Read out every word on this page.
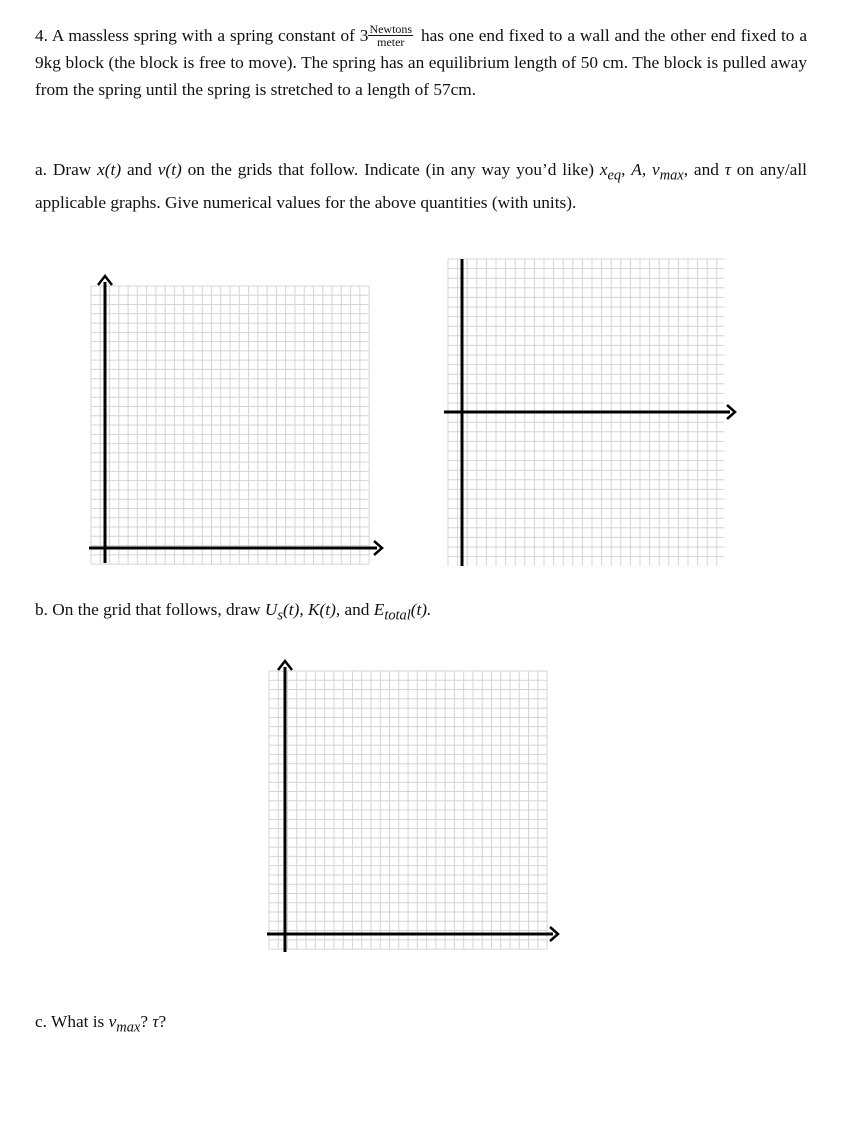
4. A massless spring with a spring constant of $3 \frac{\text{Newtons}}{\text{meter}}$ has one end fixed to a wall and the other end fixed to a 9kg block (the block is free to move). The spring has an equilibrium length of 50 cm. The block is pulled away from the spring until the spring is stretched to a length of 57cm.
a. Draw x(t) and v(t) on the grids that follow. Indicate (in any way you’d like) $x_{eq}$, A, $v_{max}$, and τ on any/all applicable graphs. Give numerical values for the above quantities (with units).
b. On the grid that follows, draw $U_s(t)$, K(t), and $E_{total}(t)$.
c. What is $v_{max}$? τ?
